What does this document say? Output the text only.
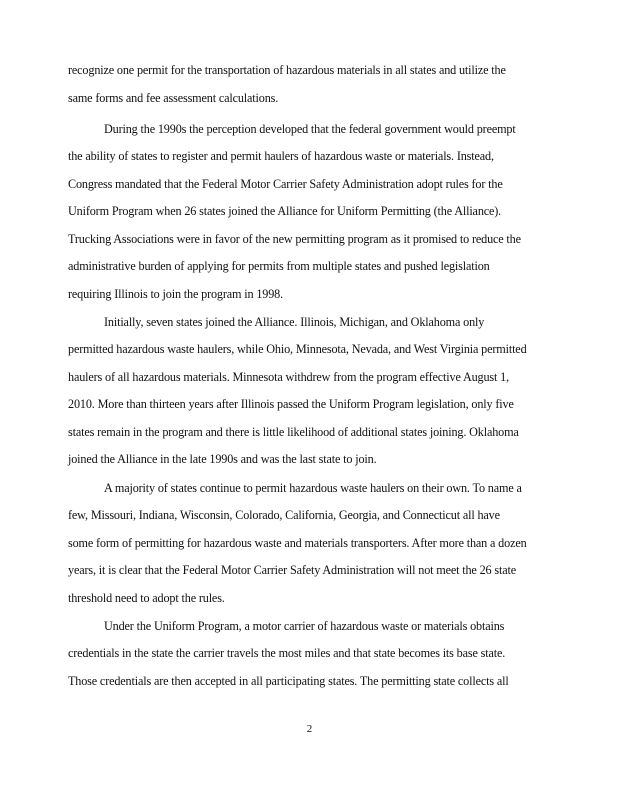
recognize one permit for the transportation of hazardous materials in all states and utilize the

same forms and fee assessment calculations.

During the 1990s the perception developed that the federal government would preempt

the ability of states to register and permit haulers of hazardous waste or materials. Instead,

Congress mandated that the Federal Motor Carrier Safety Administration adopt rules for the

Uniform Program when 26 states joined the Alliance for Uniform Permitting (the Alliance).

Trucking Associations were in favor of the new permitting program as it promised to reduce the

administrative burden of applying for permits from multiple states and pushed legislation

requiring Illinois to join the program in 1998.

Initially, seven states joined the Alliance. Illinois, Michigan, and Oklahoma only

permitted hazardous waste haulers, while Ohio, Minnesota, Nevada, and West Virginia permitted

haulers of all hazardous materials. Minnesota withdrew from the program effective August 1,

2010. More than thirteen years after Illinois passed the Uniform Program legislation, only five

states remain in the program and there is little likelihood of additional states joining. Oklahoma

joined the Alliance in the late 1990s and was the last state to join.

A majority of states continue to permit hazardous waste haulers on their own. To name a

few, Missouri, Indiana, Wisconsin, Colorado, California, Georgia, and Connecticut all have

some form of permitting for hazardous waste and materials transporters. After more than a dozen

years, it is clear that the Federal Motor Carrier Safety Administration will not meet the 26 state

threshold need to adopt the rules.

Under the Uniform Program, a motor carrier of hazardous waste or materials obtains

credentials in the state the carrier travels the most miles and that state becomes its base state.

Those credentials are then accepted in all participating states. The permitting state collects all

2
